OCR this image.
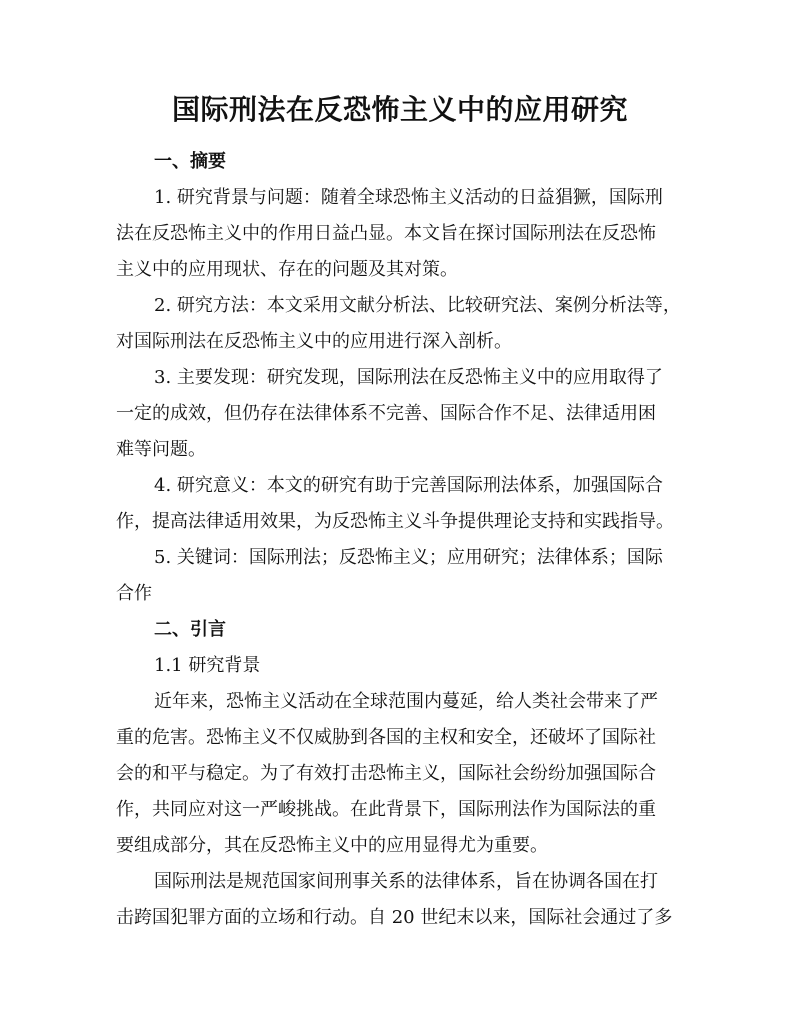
国际刑法在反恐怖主义中的应用研究

一、摘要

1. 研究背景与问题：随着全球恐怖主义活动的日益猖獗，国际刑

法在反恐怖主义中的作用日益凸显。本文旨在探讨国际刑法在反恐怖

主义中的应用现状、存在的问题及其对策。

2. 研究方法：本文采用文献分析法、比较研究法、案例分析法等，

对国际刑法在反恐怖主义中的应用进行深入剖析。

3. 主要发现：研究发现，国际刑法在反恐怖主义中的应用取得了

一定的成效，但仍存在法律体系不完善、国际合作不足、法律适用困

难等问题。

4. 研究意义：本文的研究有助于完善国际刑法体系，加强国际合

作，提高法律适用效果，为反恐怖主义斗争提供理论支持和实践指导。

5. 关键词：国际刑法；反恐怖主义；应用研究；法律体系；国际

合作

二、引言

1.1 研究背景

近年来，恐怖主义活动在全球范围内蔓延，给人类社会带来了严

重的危害。恐怖主义不仅威胁到各国的主权和安全，还破坏了国际社

会的和平与稳定。为了有效打击恐怖主义，国际社会纷纷加强国际合

作，共同应对这一严峻挑战。在此背景下，国际刑法作为国际法的重

要组成部分，其在反恐怖主义中的应用显得尤为重要。

国际刑法是规范国家间刑事关系的法律体系，旨在协调各国在打

击跨国犯罪方面的立场和行动。自 20 世纪末以来，国际社会通过了多
